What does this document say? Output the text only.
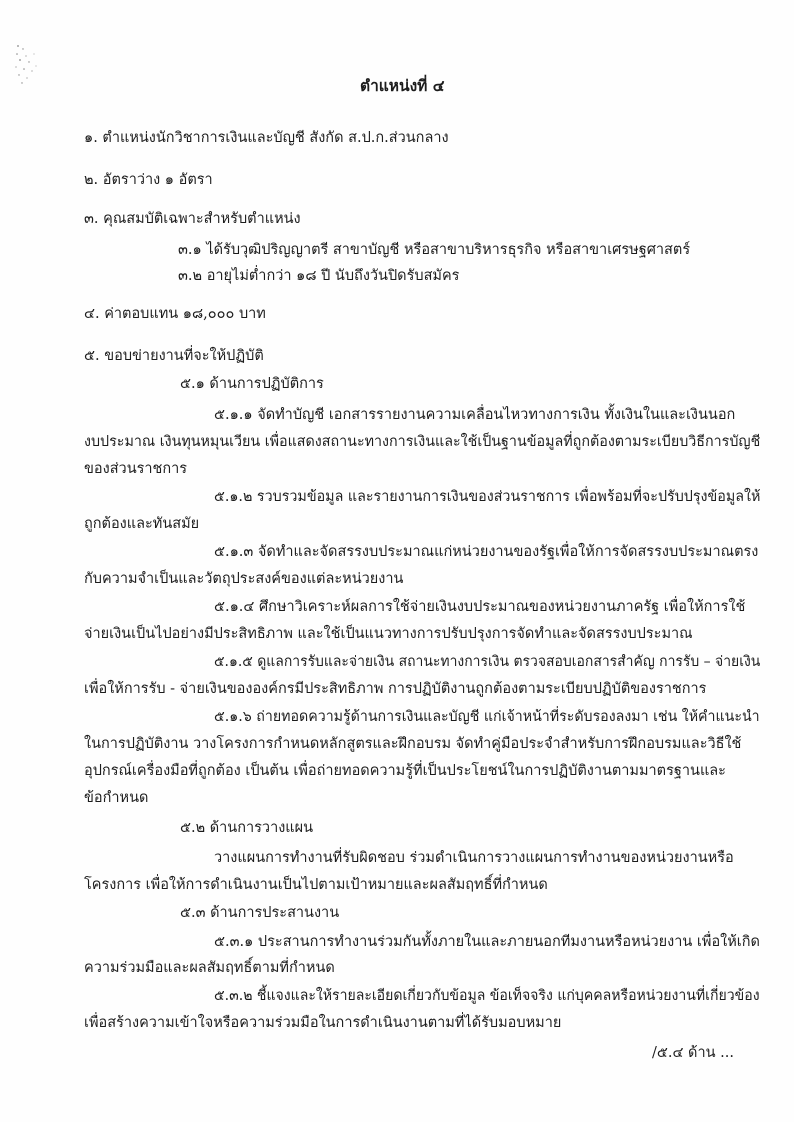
ตำแหน่งที่ ๔
๑. ตำแหน่งนักวิชาการเงินและบัญชี สังกัด ส.ป.ก.ส่วนกลาง
๒. อัตราว่าง ๑ อัตรา
๓. คุณสมบัติเฉพาะสำหรับตำแหน่ง
๓.๑ ได้รับวุฒิปริญญาตรี สาขาบัญชี หรือสาขาบริหารธุรกิจ หรือสาขาเศรษฐศาสตร์
๓.๒ อายุไม่ต่ำกว่า ๑๘ ปี นับถึงวันปิดรับสมัคร
๔. ค่าตอบแทน ๑๘,๐๐๐ บาท
๕. ขอบข่ายงานที่จะให้ปฏิบัติ
๕.๑ ด้านการปฏิบัติการ
๕.๑.๑ จัดทำบัญชี เอกสารรายงานความเคลื่อนไหวทางการเงิน ทั้งเงินในและเงินนอก
งบประมาณ เงินทุนหมุนเวียน เพื่อแสดงสถานะทางการเงินและใช้เป็นฐานข้อมูลที่ถูกต้องตามระเบียบวิธีการบัญชี
ของส่วนราชการ
๕.๑.๒ รวบรวมข้อมูล และรายงานการเงินของส่วนราชการ เพื่อพร้อมที่จะปรับปรุงข้อมูลให้
ถูกต้องและทันสมัย
๕.๑.๓ จัดทำและจัดสรรงบประมาณแก่หน่วยงานของรัฐเพื่อให้การจัดสรรงบประมาณตรง
กับความจำเป็นและวัตถุประสงค์ของแต่ละหน่วยงาน
๕.๑.๔ ศึกษาวิเคราะห์ผลการใช้จ่ายเงินงบประมาณของหน่วยงานภาครัฐ เพื่อให้การใช้
จ่ายเงินเป็นไปอย่างมีประสิทธิภาพ และใช้เป็นแนวทางการปรับปรุงการจัดทำและจัดสรรงบประมาณ
๕.๑.๕ ดูแลการรับและจ่ายเงิน สถานะทางการเงิน ตรวจสอบเอกสารสำคัญ การรับ – จ่ายเงิน
เพื่อให้การรับ - จ่ายเงินขององค์กรมีประสิทธิภาพ การปฏิบัติงานถูกต้องตามระเบียบปฏิบัติของราชการ
๕.๑.๖ ถ่ายทอดความรู้ด้านการเงินและบัญชี แก่เจ้าหน้าที่ระดับรองลงมา เช่น ให้คำแนะนำ
ในการปฏิบัติงาน วางโครงการกำหนดหลักสูตรและฝึกอบรม จัดทำคู่มือประจำสำหรับการฝึกอบรมและวิธีใช้
อุปกรณ์เครื่องมือที่ถูกต้อง เป็นต้น เพื่อถ่ายทอดความรู้ที่เป็นประโยชน์ในการปฏิบัติงานตามมาตรฐานและ
ข้อกำหนด
๕.๒ ด้านการวางแผน
วางแผนการทำงานที่รับผิดชอบ ร่วมดำเนินการวางแผนการทำงานของหน่วยงานหรือ
โครงการ เพื่อให้การดำเนินงานเป็นไปตามเป้าหมายและผลสัมฤทธิ์ที่กำหนด
๕.๓ ด้านการประสานงาน
๕.๓.๑ ประสานการทำงานร่วมกันทั้งภายในและภายนอกทีมงานหรือหน่วยงาน เพื่อให้เกิด
ความร่วมมือและผลสัมฤทธิ์ตามที่กำหนด
๕.๓.๒ ชี้แจงและให้รายละเอียดเกี่ยวกับข้อมูล ข้อเท็จจริง แก่บุคคลหรือหน่วยงานที่เกี่ยวข้อง
เพื่อสร้างความเข้าใจหรือความร่วมมือในการดำเนินงานตามที่ได้รับมอบหมาย
/๕.๔ ด้าน ...
